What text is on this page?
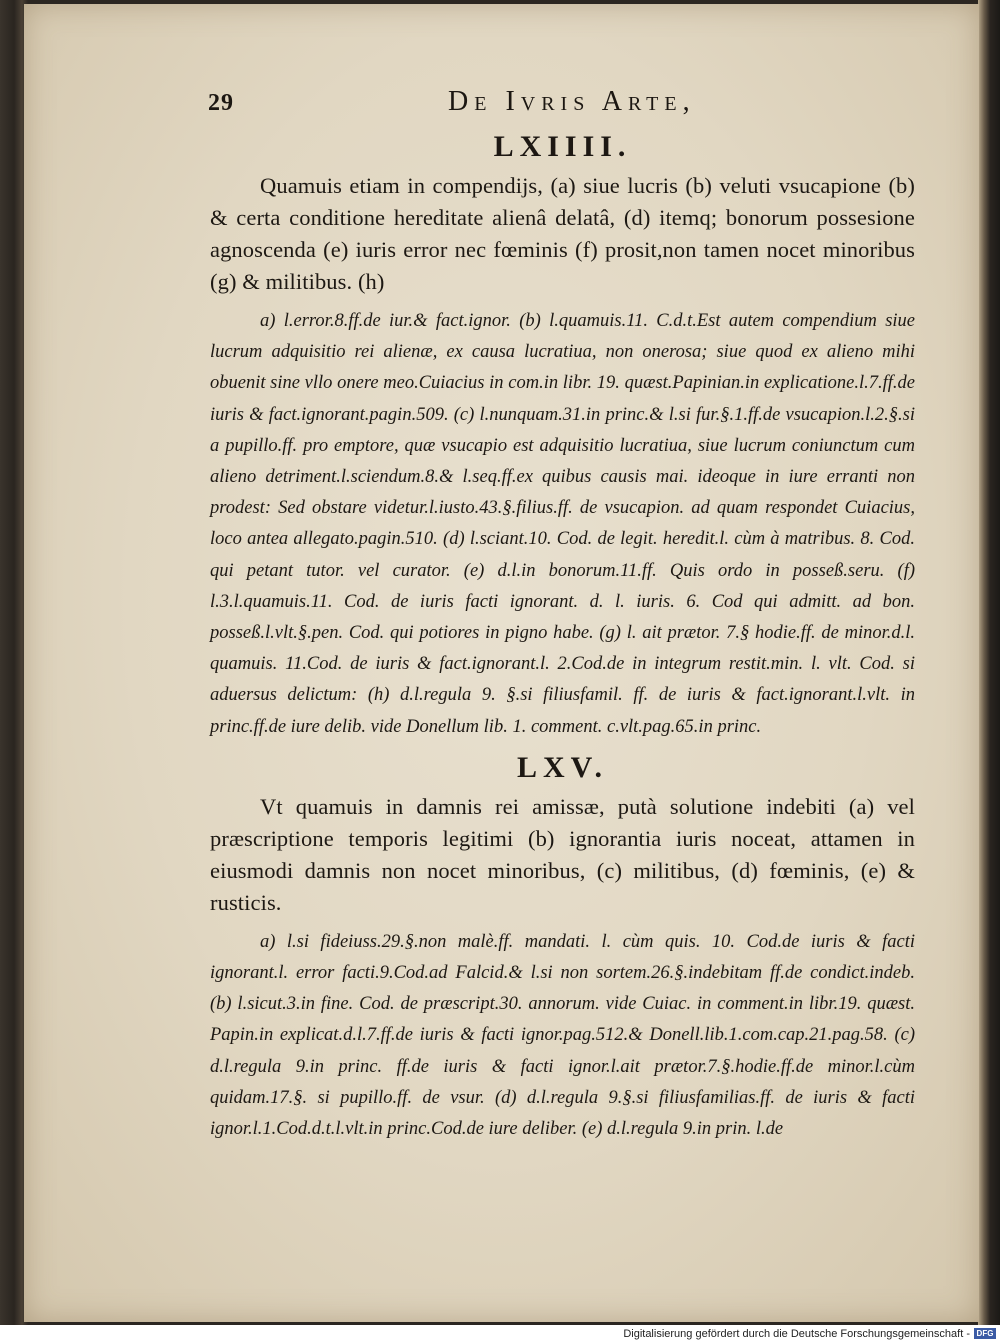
29	De Ivris Arte,
LXIIII.

Quamuis etiam in compendijs, (a) siue lucris (b) veluti vsucapione (b) & certa conditione hereditate alienâ delatâ, (d) itemq; bonorum possesione agnoscenda (e) iuris error nec fœminis (f) prosit,non tamen nocet minoribus (g) & militibus. (h)

a) l.error.8.ff.de iur.& fact.ignor. (b) l.quamuis.11. C.d.t.Est autem compendium siue lucrum adquisitio rei alienæ, ex causa lucratiua, non onerosa; siue quod ex alieno mihi obuenit sine vllo onere meo.Cuiacius in com.in libr. 19. quæst.Papinian.in explicatione.l.7.ff.de iuris & fact.ignorant.pagin.509. (c) l.nunquam.31.in princ.& l.si fur.§.1.ff.de vsucapion.l.2.§.si a pupillo.ff. pro emptore, quæ vsucapio est adquisitio lucratiua, siue lucrum coniunctum cum alieno detriment.l.sciendum.8.& l.seq.ff.ex quibus causis mai. ideoque in iure erranti non prodest: Sed obstare videtur.l.iusto.43.§.filius.ff. de vsucapion. ad quam respondet Cuiacius, loco antea allegato.pagin.510. (d) l.sciant.10. Cod. de legit. heredit.l. cùm à matribus. 8. Cod. qui petant tutor. vel curator. (e) d.l.in bonorum.11.ff. Quis ordo in posseß.seru. (f) l.3.l.quamuis.11. Cod. de iuris facti ignorant. d. l. iuris. 6. Cod qui admitt. ad bon. posseß.l.vlt.§.pen. Cod. qui potiores in pigno habe. (g) l. ait prætor. 7.§ hodie.ff. de minor.d.l. quamuis. 11.Cod. de iuris & fact.ignorant.l. 2.Cod.de in integrum restit.min. l. vlt. Cod. si aduersus delictum: (h) d.l.regula 9. §.si filiusfamil. ff. de iuris & fact.ignorant.l.vlt. in princ.ff.de iure delib. vide Donellum lib. 1. comment. c.vlt.pag.65.in princ.

LXV.

Vt quamuis in damnis rei amissæ, putà solutione indebiti (a) vel præscriptione temporis legitimi (b) ignorantia iuris noceat, attamen in eiusmodi damnis non nocet minoribus, (c) militibus, (d) fœminis, (e) & rusticis.

a) l.si fideiuss.29.§.non malè.ff. mandati. l. cùm quis. 10. Cod.de iuris & facti ignorant.l. error facti.9.Cod.ad Falcid.& l.si non sortem.26.§.indebitam ff.de condict.indeb. (b) l.sicut.3.in fine. Cod. de præscript.30. annorum. vide Cuiac. in comment.in libr.19. quæst. Papin.in explicat.d.l.7.ff.de iuris & facti ignor.pag.512.& Donell.lib.1.com.cap.21.pag.58. (c) d.l.regula 9.in princ. ff.de iuris & facti ignor.l.ait prætor.7.§.hodie.ff.de minor.l.cùm quidam.17.§. si pupillo.ff. de vsur. (d) d.l.regula 9.§.si filiusfamilias.ff. de iuris & facti ignor.l.1.Cod.d.t.l.vlt.in princ.Cod.de iure deliber. (e) d.l.regula 9.in prin. l.de

Digitalisierung gefördert durch die Deutsche Forschungsgemeinschaft - DFG
